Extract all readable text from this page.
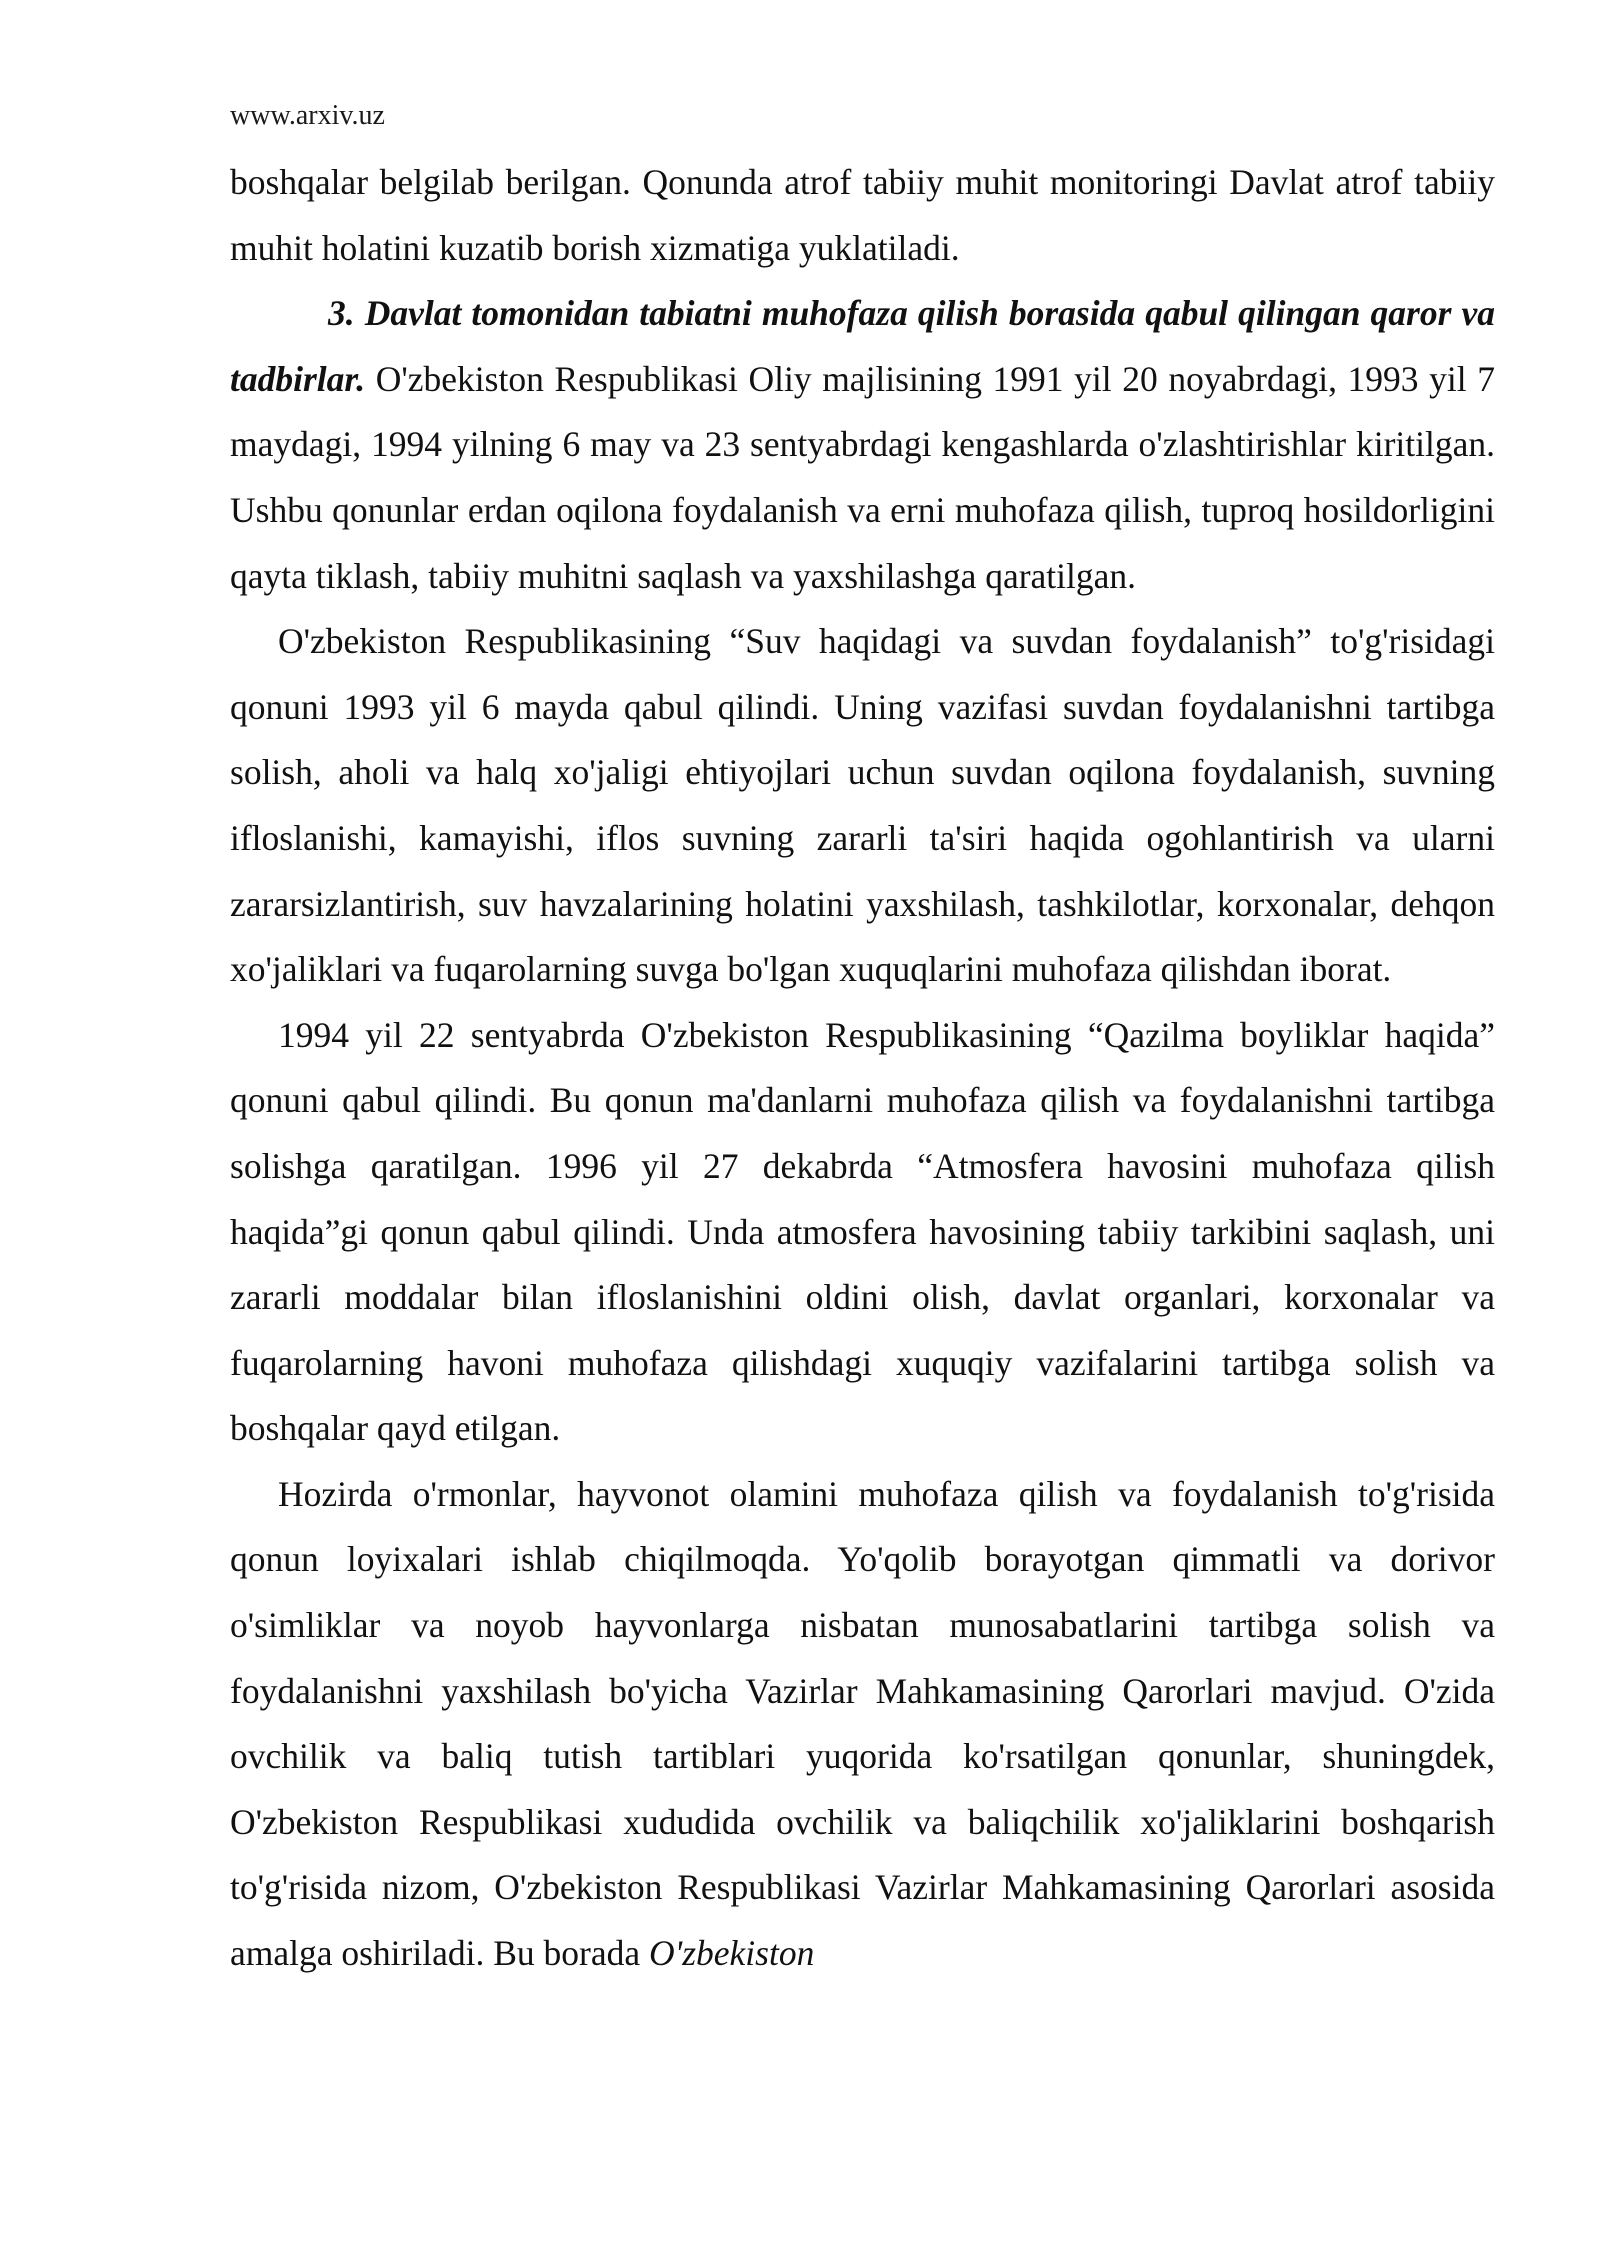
www.arxiv.uz

boshqalar belgilab berilgan. Qonunda atrof tabiiy muhit monitoringi Davlat atrof tabiiy muhit holatini kuzatib borish xizmatiga yuklatiladi.

3. Davlat tomonidan tabiatni muhofaza qilish borasida qabul qilingan qaror va tadbirlar. O'zbekiston Respublikasi Oliy majlisining 1991 yil 20 noyabrdagi, 1993 yil 7 maydagi, 1994 yilning 6 may va 23 sentyabrdagi kengashlarda o'zlashtirishlar kiritilgan. Ushbu qonunlar erdan oqilona foydalanish va erni muhofaza qilish, tuproq hosildorligini qayta tiklash, tabiiy muhitni saqlash va yaxshilashga qaratilgan.

O'zbekiston Respublikasining “Suv haqidagi va suvdan foydalanish” to'g'risidagi qonuni 1993 yil 6 mayda qabul qilindi. Uning vazifasi suvdan foydalanishni tartibga solish, aholi va halq xo'jaligi ehtiyojlari uchun suvdan oqilona foydalanish, suvning ifloslanishi, kamayishi, iflos suvning zararli ta'siri haqida ogohlantirish va ularni zararsizlantirish, suv havzalarining holatini yaxshilash, tashkilotlar, korxonalar, dehqon xo'jaliklari va fuqarolarning suvga bo'lgan xuquqlarini muhofaza qilishdan iborat.

1994 yil 22 sentyabrda O'zbekiston Respublikasining “Qazilma boyliklar haqida” qonuni qabul qilindi. Bu qonun ma'danlarni muhofaza qilish va foydalanishni tartibga solishga qaratilgan. 1996 yil 27 dekabrda “Atmosfera havosini muhofaza qilish haqida”gi qonun qabul qilindi. Unda atmosfera havosining tabiiy tarkibini saqlash, uni zararli moddalar bilan ifloslanishini oldini olish, davlat organlari, korxonalar va fuqarolarning havoni muhofaza qilishdagi xuquqiy vazifalarini tartibga solish va boshqalar qayd etilgan.

Hozirda o'rmonlar, hayvonot olamini muhofaza qilish va foydalanish to'g'risida qonun loyixalari ishlab chiqilmoqda. Yo'qolib borayotgan qimmatli va dorivor o'simliklar va noyob hayvonlarga nisbatan munosabatlarini tartibga solish va foydalanishni yaxshilash bo'yicha Vazirlar Mahkamasining Qarorlari mavjud. O'zida ovchilik va baliq tutish tartiblari yuqorida ko'rsatilgan qonunlar, shuningdek, O'zbekiston Respublikasi xududida ovchilik va baliqchilik xo'jaliklarini boshqarish to'g'risida nizom, O'zbekiston Respublikasi Vazirlar Mahkamasining Qarorlari asosida amalga oshiriladi. Bu borada O'zbekiston
